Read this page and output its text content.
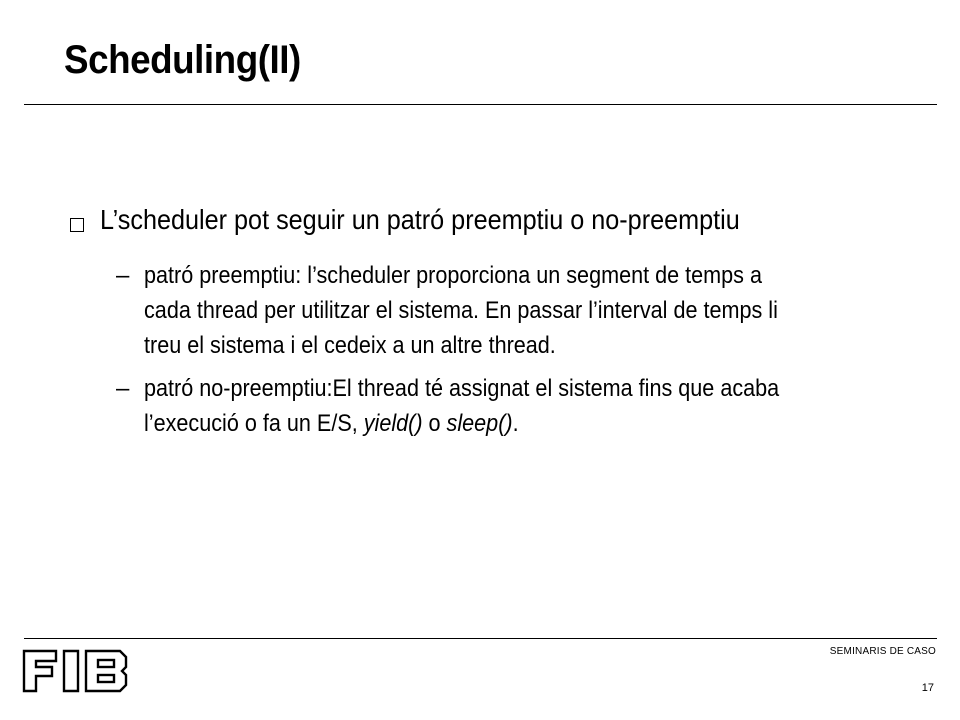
Scheduling(II)
L’scheduler pot seguir un patró preemptiu o no-preemptiu
– patró preemptiu: l’scheduler proporciona un segment de temps a
cada thread per utilitzar el sistema. En passar l’interval de temps li
treu el sistema i el cedeix a un altre thread.
– patró no-preemptiu:El thread té assignat el sistema fins que acaba
l’execució o fa un E/S, yield() o sleep().
SEMINARIS DE CASO
17
